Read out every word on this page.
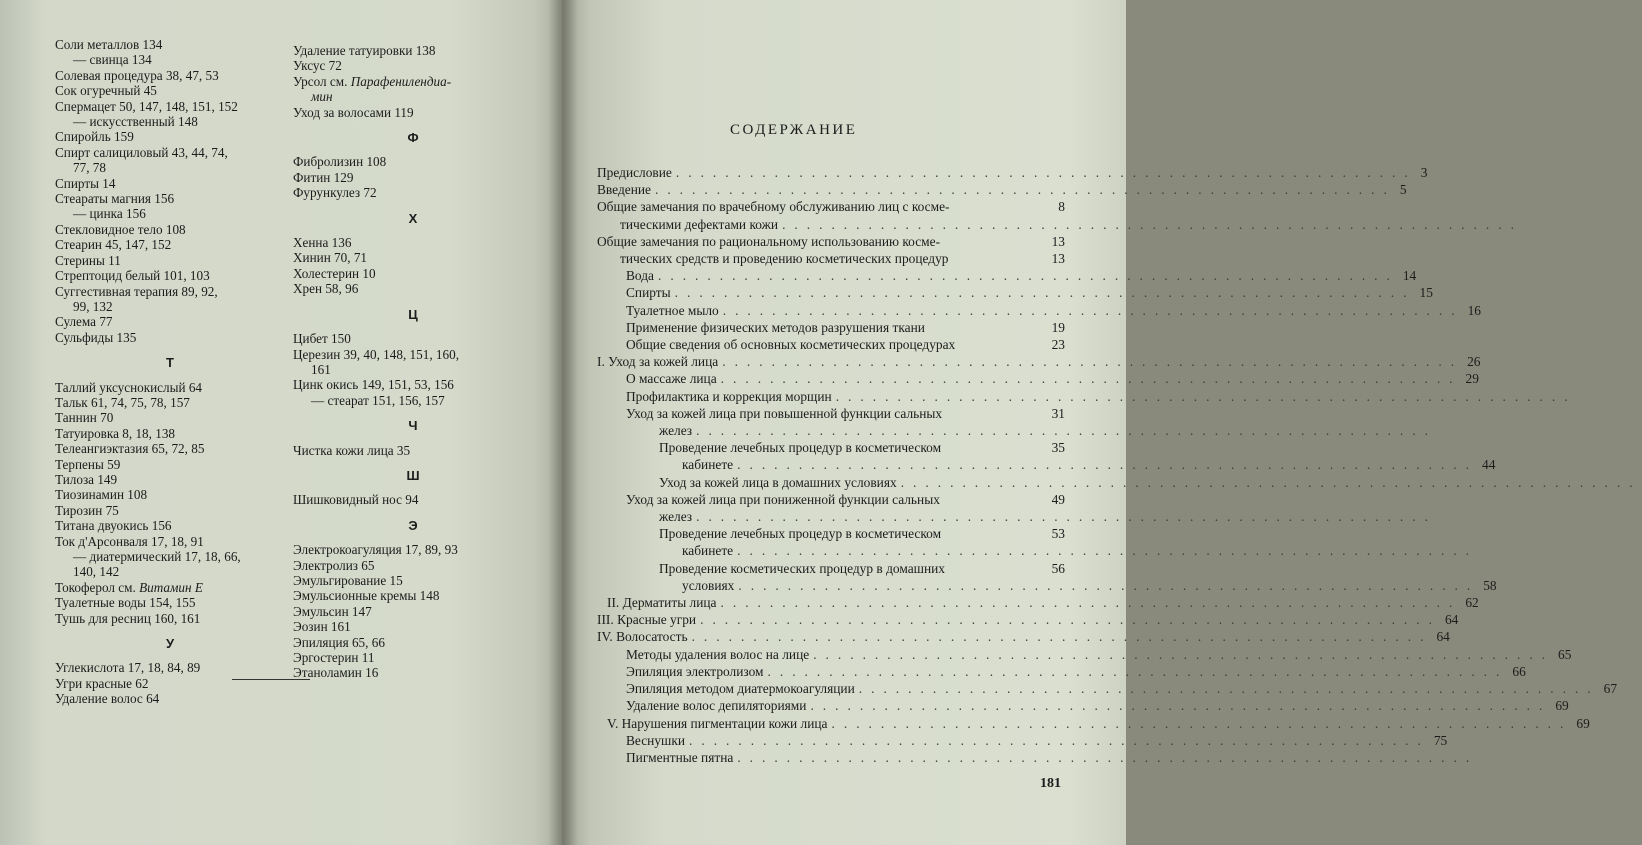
Соли металлов 134
— свинца 134
Солевая процедура 38, 47, 53
Сок огуречный 45
Спермацет 50, 147, 148, 151, 152
— искусственный 148
Спиройль 159
Спирт салициловый 43, 44, 74,
77, 78
Спирты 14
Стеараты магния 156
— цинка 156
Стекловидное тело 108
Стеарин 45, 147, 152
Стерины 11
Стрептоцид белый 101, 103
Суггестивная терапия 89, 92,
99, 132
Сулема 77
Сульфиды 135
Т
Таллий уксуснокислый 64
Тальк 61, 74, 75, 78, 157
Таннин 70
Татуировка 8, 18, 138
Телеангиэктазия 65, 72, 85
Терпены 59
Тилоза 149
Тиозинамин 108
Тирозин 75
Титана двуокись 156
Ток д'Арсонваля 17, 18, 91
— диатермический 17, 18, 66,
140, 142
Токоферол см. Витамин Е
Туалетные воды 154, 155
Тушь для ресниц 160, 161
У
Углекислота 17, 18, 84, 89
Угри красные 62
Удаление волос 64
Удаление татуировки 138
Уксус 72
Урсол см. Парафенилендиа-
мин
Уход за волосами 119
Ф
Фибролизин 108
Фитин 129
Фурункулез 72
Х
Хенна 136
Хинин 70, 71
Холестерин 10
Хрен 58, 96
Ц
Цибет 150
Церезин 39, 40, 148, 151, 160,
161
Цинк окись 149, 151, 53, 156
— стеарат 151, 156, 157
Ч
Чистка кожи лица 35
Ш
Шишковидный нос 94
Э
Электрокоагуляция 17, 89, 93
Электролиз 65
Эмульгирование 15
Эмульсионные кремы 148
Эмульсин 147
Эозин 161
Эпиляция 65, 66
Эргостерин 11
Этаноламин 16
СОДЕРЖАНИЕ
Предисловие ............................................................ 3
Введение ............................................................ 5
Общие замечания по врачебному обслуживанию лиц с косме-	8
тическими дефектами кожи ............................................................
Общие замечания по рациональному использованию космe-	13
тических средств и проведению косметических процедур	13
Вода ............................................................ 14
Спирты ............................................................ 15
Туалетное мыло ............................................................ 16
Применение физических методов разрушения ткани	19
Общие сведения об основных косметических процедурах	23
I. Уход за кожей лица ............................................................ 26
О массаже лица ............................................................ 29
Профилактика и коррекция морщин ............................................................
Уход за кожей лица при повышенной функции сальных	31
желез ............................................................
Проведение лечебных процедур в косметическом	35
кабинете ............................................................ 44
Уход за кожей лица в домашних условиях ............................................................
Уход за кожей лица при пониженной функции сальных	49
желез ............................................................
Проведение лечебных процедур в косметическом	53
кабинете ............................................................
Проведение косметических процедур в домашних	56
условиях ............................................................ 58
II. Дерматиты лица ............................................................ 62
III. Красные угри ............................................................ 64
IV. Волосатость ............................................................ 64
Методы удаления волос на лице ............................................................ 65
Эпиляция электролизом ............................................................ 66
Эпиляция методом диатермокоагуляции ............................................................ 67
Удаление волос депиляториями ............................................................ 69
V. Нарушения пигментации кожи лица ............................................................ 69
Веснушки ............................................................ 75
Пигментные пятна ............................................................
181
